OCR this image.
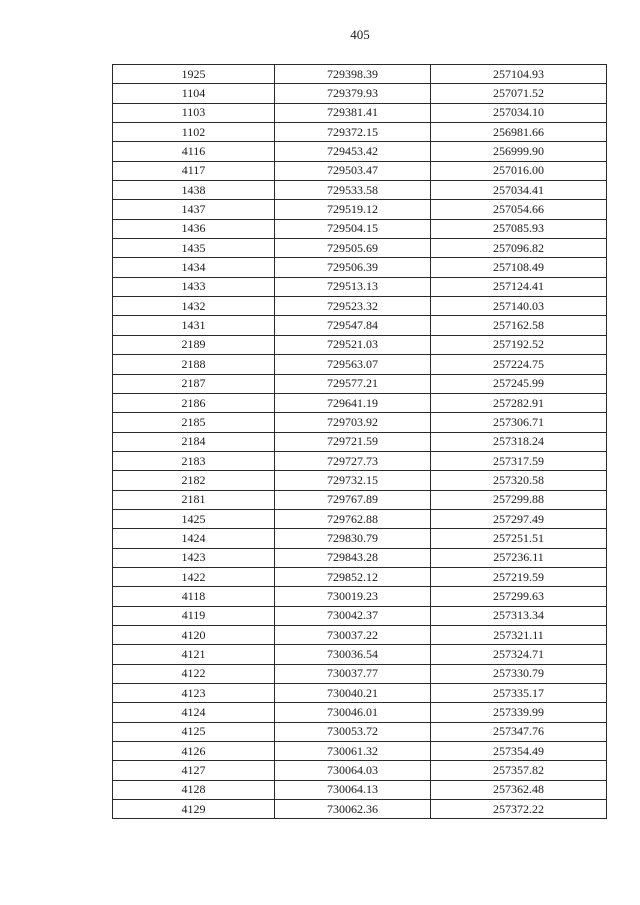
405
1925	729398.39	257104.93
1104	729379.93	257071.52
1103	729381.41	257034.10
1102	729372.15	256981.66
4116	729453.42	256999.90
4117	729503.47	257016.00
1438	729533.58	257034.41
1437	729519.12	257054.66
1436	729504.15	257085.93
1435	729505.69	257096.82
1434	729506.39	257108.49
1433	729513.13	257124.41
1432	729523.32	257140.03
1431	729547.84	257162.58
2189	729521.03	257192.52
2188	729563.07	257224.75
2187	729577.21	257245.99
2186	729641.19	257282.91
2185	729703.92	257306.71
2184	729721.59	257318.24
2183	729727.73	257317.59
2182	729732.15	257320.58
2181	729767.89	257299.88
1425	729762.88	257297.49
1424	729830.79	257251.51
1423	729843.28	257236.11
1422	729852.12	257219.59
4118	730019.23	257299.63
4119	730042.37	257313.34
4120	730037.22	257321.11
4121	730036.54	257324.71
4122	730037.77	257330.79
4123	730040.21	257335.17
4124	730046.01	257339.99
4125	730053.72	257347.76
4126	730061.32	257354.49
4127	730064.03	257357.82
4128	730064.13	257362.48
4129	730062.36	257372.22
